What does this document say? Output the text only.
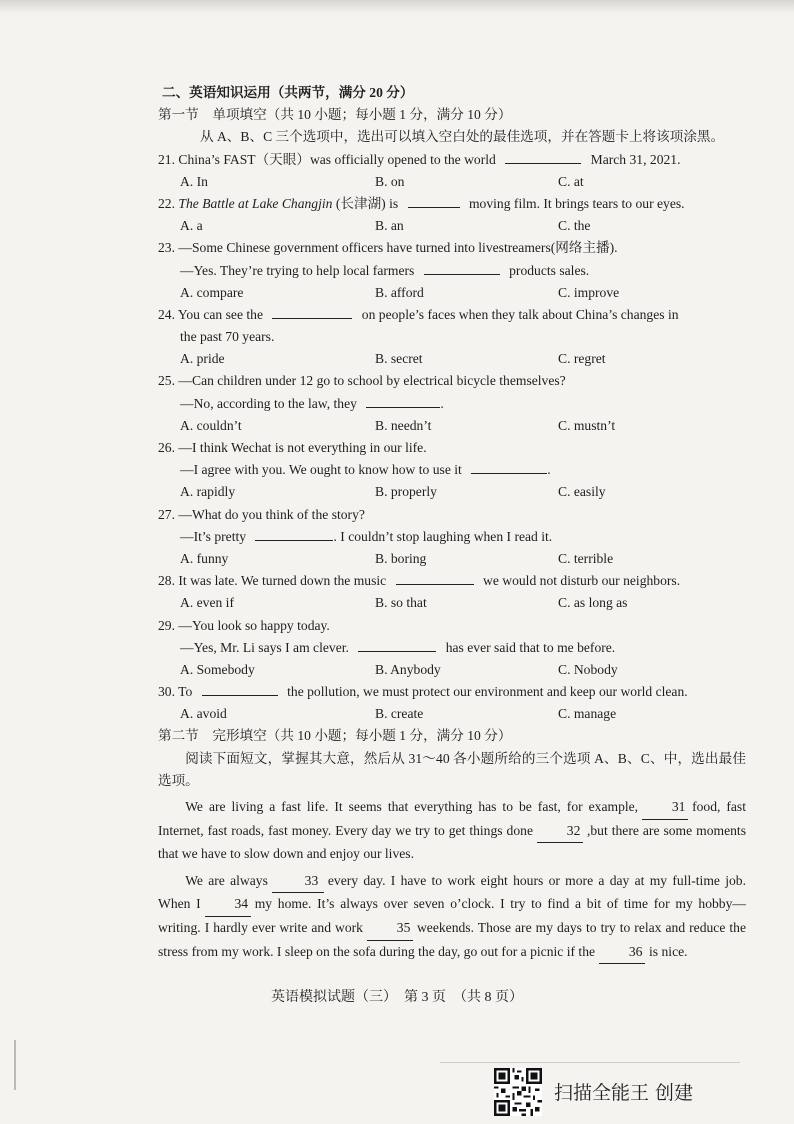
二、英语知识运用（共两节，满分 20 分）
第一节　单项填空（共 10 小题；每小题 1 分，满分 10 分）
从 A、B、C 三个选项中，选出可以填入空白处的最佳选项，并在答题卡上将该项涂黑。
21. China’s FAST（天眼）was officially opened to the world	March 31, 2021.
A. In	B. on	C. at
22. The Battle at Lake Changjin (长津湖) is	moving film. It brings tears to our eyes.
A. a	B. an	C. the
23. —Some Chinese government officers have turned into livestreamers(网络主播).
—Yes. They’re trying to help local farmers	products sales.
A. compare	B. afford	C. improve
24. You can see the	on people’s faces when they talk about China’s changes in
the past 70 years.
A. pride	B. secret	C. regret
25. —Can children under 12 go to school by electrical bicycle themselves?
—No, according to the law, they	.
A. couldn’t	B. needn’t	C. mustn’t
26. —I think Wechat is not everything in our life.
—I agree with you. We ought to know how to use it	.
A. rapidly	B. properly	C. easily
27. —What do you think of the story?
—It’s pretty	. I couldn’t stop laughing when I read it.
A. funny	B. boring	C. terrible
28. It was late. We turned down the music	we would not disturb our neighbors.
A. even if	B. so that	C. as long as
29. —You look so happy today.
—Yes, Mr. Li says I am clever.	has ever said that to me before.
A. Somebody	B. Anybody	C. Nobody
30. To	the pollution, we must protect our environment and keep our world clean.
A. avoid	B. create	C. manage
第二节　完形填空（共 10 小题；每小题 1 分，满分 10 分）
阅读下面短文，掌握其大意，然后从 31～40 各小题所给的三个选项 A、B、C、中，选出最佳选项。
We are living a fast life. It seems that everything has to be fast, for example, 31 food, fast Internet, fast roads, fast money. Every day we try to get things done 32 ,but there are some moments that we have to slow down and enjoy our lives.
We are always	33 every day. I have to work eight hours or more a day at my full-time job. When I 34 my home. It’s always over seven o’clock. I try to find a bit of time for my hobby—writing. I hardly ever write and work 35 weekends. Those are my days to try to relax and reduce the stress from my work. I sleep on the sofa during the day, go out for a picnic if the 36 is nice.
英语模拟试题（三）　第 3 页　（共 8 页）
扫描全能王 创建
